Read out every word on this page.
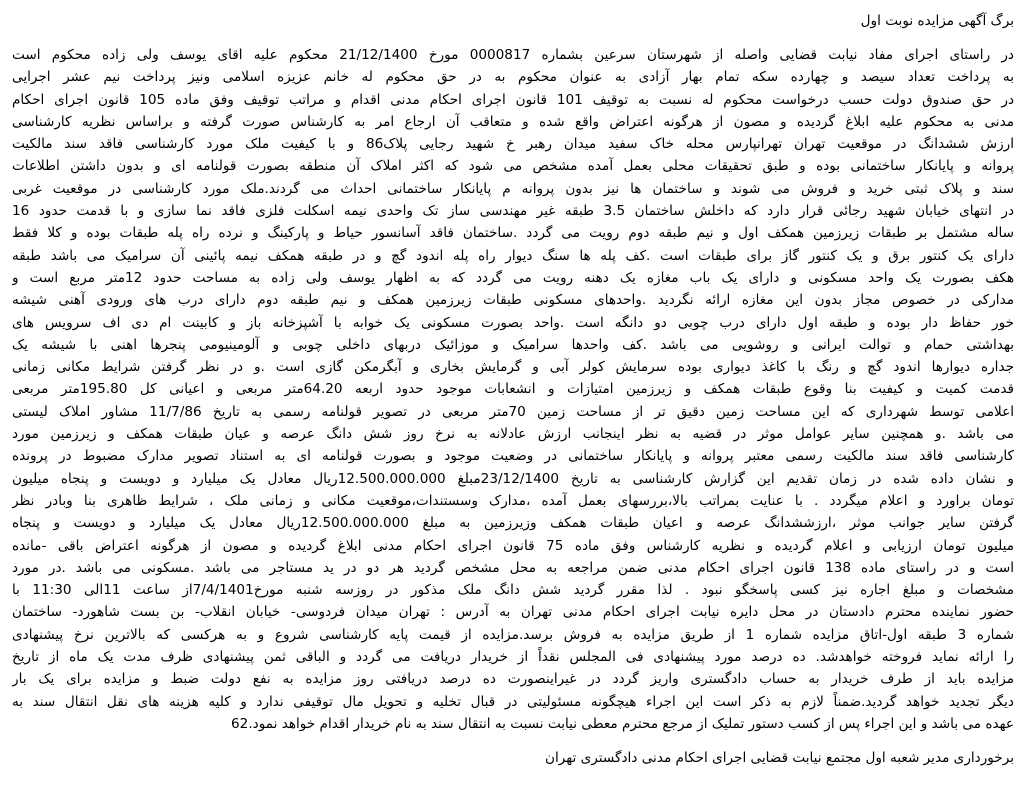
برگ آگهی مزایده نوبت اول
در راستای اجرای مفاد نیابت قضایی واصله از شهرستان سرعین بشماره 0000817 مورخ 21/12/1400 محکوم علیه اقای یوسف ولی زاده محکوم است
به پرداخت تعداد سیصد و چهارده سکه تمام بهار آزادی به عنوان محکوم به در حق محکوم له خانم عزیزه اسلامی ونیز پرداخت نیم عشر اجرایی
در حق صندوق دولت حسب درخواست محکوم له نسبت به توقیف 101 قانون اجرای احکام مدنی اقدام و مراتب توقیف وفق ماده 105 قانون اجرای احکام
مدنی به محکوم علیه ابلاغ گردیده و مصون از هرگونه اعتراض واقع شده و متعاقب آن ارجاع امر به کارشناس صورت گرفته و براساس نظریه کارشناسی
ارزش ششدانگ در موقعیت تهران تهرانپارس محله خاک سفید میدان رهبر خ شهید رجایی پلاک86 و با کیفیت ملک مورد کارشناسی فاقد سند مالکیت
پروانه و پایانکار ساختمانی بوده و طبق تحقیقات محلی بعمل آمده مشخص می شود که اکثر املاک آن منطقه بصورت قولنامه ای و بدون داشتن اطلاعات
سند و پلاک ثبتی خرید و فروش می شوند و ساختمان ها نیز بدون پروانه م پایانکار ساختمانی احداث می گردند.ملک مورد کارشناسی در موقعیت غربی
در انتهای خیابان شهید رجائی قرار دارد که داخلش ساختمان 3.5 طبقه غیر مهندسی ساز تک واحدی نیمه اسکلت فلزی فاقد نما سازی و با قدمت حدود 16
ساله مشتمل بر طبقات زیرزمین همکف اول و نیم طبقه دوم رویت می گردد .ساختمان فاقد آسانسور حیاط و پارکینگ و نرده راه پله طبقات بوده و کلا فقط
دارای یک کنتور برق و یک کنتور گاز برای طبقات است .کف پله ها سنگ دیوار راه پله اندود گچ و در طبقه همکف نیمه پائینی آن سرامیک می باشد طبقه
هکف بصورت یک واحد مسکونی و دارای یک باب مغازه یک دهنه رویت می گردد که به اظهار یوسف ولی زاده به مساحت حدود 12متر مربع است و
مدارکی در خصوص مجاز بدون این مغازه ارائه نگردید .واحدهای مسکونی طبقات زیرزمین همکف و نیم طبقه دوم دارای درب های ورودی آهنی شیشه
خور حفاظ دار بوده و طبقه اول دارای درب چوبی دو دانگه است .واحد بصورت مسکونی یک خوابه با آشپزخانه باز و کابینت ام دی اف سرویس های
بهداشتی حمام و توالت ایرانی و روشویی می باشد .کف واحدها سرامیک و موزائیک دربهای داخلی چوبی و آلومینیومی پنجرها اهنی با شیشه یک
جداره دیوارها اندود گچ و رنگ با کاغذ دیواری بوده سرمایش کولر آبی و گرمایش بخاری و آبگرمکن گازی است .و در نظر گرفتن شرایط مکانی زمانی
قدمت کمیت و کیفیت بنا وقوع طبقات همکف و زیرزمین امتیازات و انشعابات موجود حدود اربعه 64.20متر مربعی و اعیانی کل 195.80متر مربعی
اعلامی توسط شهرداری که این مساحت زمین دقیق تر از مساحت زمین 70متر مربعی در تصویر قولنامه رسمی به تاریخ 11/7/86 مشاور املاک لیستی
می باشد .و همچنین سایر عوامل موثر در قضیه به نظر اینجانب ارزش عادلانه به نرخ روز شش دانگ عرصه و عیان طبقات همکف و زیرزمین مورد
کارشناسی فاقد سند مالکیت رسمی معتبر پروانه و پایانکار ساختمانی در وضعیت موجود و بصورت قولنامه ای به استناد تصویر مدارک مضبوط در پرونده
و نشان داده شده در زمان تقدیم این گزارش کارشناسی به تاریخ 23/12/1400مبلغ 12.500.000.000ریال معادل یک میلیارد و دویست و پنجاه میلیون
تومان براورد و اعلام میگردد . با عنایت بمراتب بالا،بررسهای بعمل آمده ،مدارک وسستندات،موقعیت مکانی و زمانی ملک ، شرایط ظاهری بنا وبادر نظر
گرفتن سایر جوانب موثر ،ارزششدانگ عرصه و اعیان طبقات همکف وزیرزمین به مبلغ 12.500.000.000ریال معادل یک میلیارد و دویست و پنجاه
میلیون تومان ارزیابی و اعلام گردیده و نظریه کارشناس وفق ماده 75 قانون اجرای احکام مدنی ابلاغ گردیده و مصون از هرگونه اعتراض باقی -مانده
است و در راستای ماده 138 قانون اجرای احکام مدنی ضمن مراجعه به محل مشخص گردید هر دو در ید مستاجر می باشد .مسکونی می باشد .در مورد
مشخصات و مبلغ اجاره نیز کسی پاسخگو نبود . لذا مقرر گردید شش دانگ ملک مذکور در روزسه شنبه مورخ7/4/1401از ساعت 11الی 11:30 با
حضور نماینده محترم دادستان در محل دایره نیابت اجرای احکام مدنی تهران به آدرس : تهران میدان فردوسی- خیابان انقلاب- بن بست شاهورد- ساختمان
شماره 3 طبقه اول-اتاق مزایده شماره 1 از طریق مزایده به فروش برسد.مزایده از قیمت پایه کارشناسی شروع و به هرکسی که بالاترین نرخ پیشنهادی
را ارائه نماید فروخته خواهدشد. ده درصد مورد پیشنهادی فی المجلس نقداً از خریدار دریافت می گردد و الباقی ثمن پیشنهادی ظرف مدت یک ماه از تاریخ
مزایده باید از طرف خریدار به حساب دادگستری واریز گردد در غیراینصورت ده درصد دریافتی روز مزایده به نفع دولت ضبط و مزایده برای یک بار
دیگر تجدید خواهد گردید.ضمناً لازم به ذکر است این اجراء هیچگونه مسئولیتی در قبال تخلیه و تحویل مال توقیفی ندارد و کلیه هزینه های نقل انتقال سند به
عهده می باشد و این اجراء پس از کسب دستور تملیک از مرجع محترم معطی نیابت نسبت به انتقال سند به نام خریدار اقدام خواهد نمود.62
برخورداری مدیر شعبه اول مجتمع نیابت قضایی اجرای احکام مدنی دادگستری تهران
